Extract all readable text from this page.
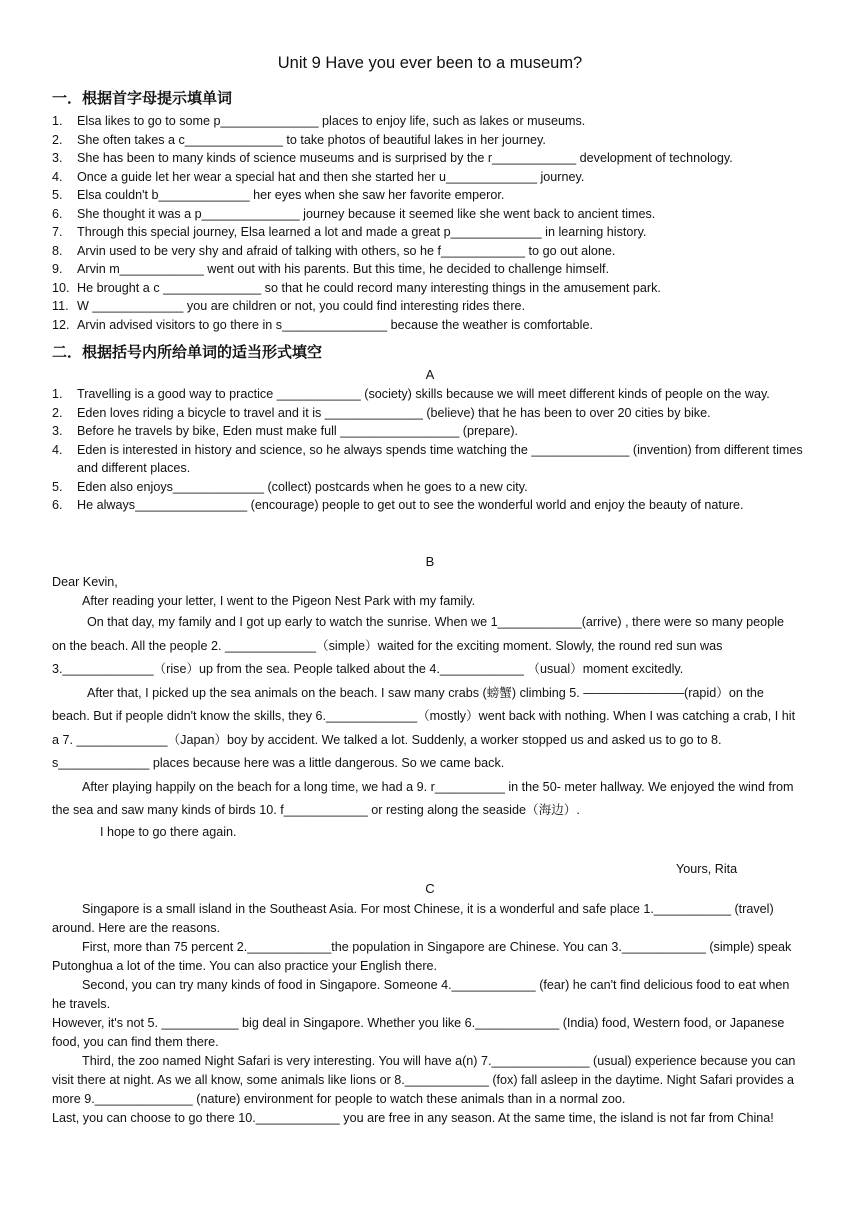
Unit 9 Have you ever been to a museum?
一．根据首字母提示填单词
1. Elsa likes to go to some p______________ places to enjoy life, such as lakes or museums.
2. She often takes a c______________ to take photos of beautiful lakes in her journey.
3. She has been to many kinds of science museums and is surprised by the r____________ development of technology.
4. Once a guide let her wear a special hat and then she started her u_____________ journey.
5. Elsa couldn't b_____________ her eyes when she saw her favorite emperor.
6. She thought it was a p______________ journey because it seemed like she went back to ancient times.
7. Through this special journey, Elsa learned a lot and made a great p_____________ in learning history.
8. Arvin used to be very shy and afraid of talking with others, so he f____________ to go out alone.
9. Arvin m____________ went out with his parents. But this time, he decided to challenge himself.
10. He brought a c ______________ so that he could record many interesting things in the amusement park.
11. W _____________ you are children or not, you could find interesting rides there.
12. Arvin advised visitors to go there in s_______________ because the weather is comfortable.
二．根据括号内所给单词的适当形式填空
A
1. Travelling is a good way to practice ____________ (society) skills because we will meet different kinds of people on the way.
2. Eden loves riding a bicycle to travel and it is ______________ (believe) that he has been to over 20 cities by bike.
3. Before he travels by bike, Eden must make full _________________ (prepare).
4. Eden is interested in history and science, so he always spends time watching the ______________ (invention) from different times and different places.
5. Eden also enjoys_____________ (collect) postcards when he goes to a new city.
6. He always________________ (encourage) people to get out to see the wonderful world and enjoy the beauty of nature.
B

Dear Kevin,

After reading your letter, I went to the Pigeon Nest Park with my family.

On that day, my family and I got up early to watch the sunrise. When we 1____________(arrive) , there were so many people on the beach. All the people 2. _____________（simple）waited for the exciting moment. Slowly, the round red sun was 3._____________（rise）up from the sea. People talked about the 4.____________ （usual）moment excitedly.

After that, I picked up the sea animals on the beach. I saw many crabs (螃蟹) climbing 5. ————————(rapid）on the beach. But if people didn't know the skills, they 6._____________（mostly）went back with nothing. When I was catching a crab, I hit a 7. _____________（Japan）boy by accident. We talked a lot. Suddenly, a worker stopped us and asked us to go to 8. s_____________ places because here was a little dangerous. So we came back.

After playing happily on the beach for a long time, we had a 9. r__________ in the 50- meter hallway. We enjoyed the wind from the sea and saw many kinds of birds 10. f____________ or resting along the seaside（海边）.

I hope to go there again.

Yours, Rita
C

Singapore is a small island in the Southeast Asia. For most Chinese, it is a wonderful and safe place 1.___________ (travel) around. Here are the reasons.

First, more than 75 percent 2.____________the population in Singapore are Chinese. You can 3.____________ (simple) speak Putonghua a lot of the time. You can also practice your English there.

Second, you can try many kinds of food in Singapore. Someone 4.____________ (fear) he can't find delicious food to eat when he travels.

However, it's not 5. ___________ big deal in Singapore. Whether you like 6.____________ (India) food, Western food, or Japanese food, you can find them there.

Third, the zoo named Night Safari is very interesting. You will have a(n) 7.______________ (usual) experience because you can visit there at night. As we all know, some animals like lions or 8.____________ (fox) fall asleep in the daytime. Night Safari provides a more 9.______________ (nature) environment for people to watch these animals than in a normal zoo.

Last, you can choose to go there 10.____________ you are free in any season. At the same time, the island is not far from China!
